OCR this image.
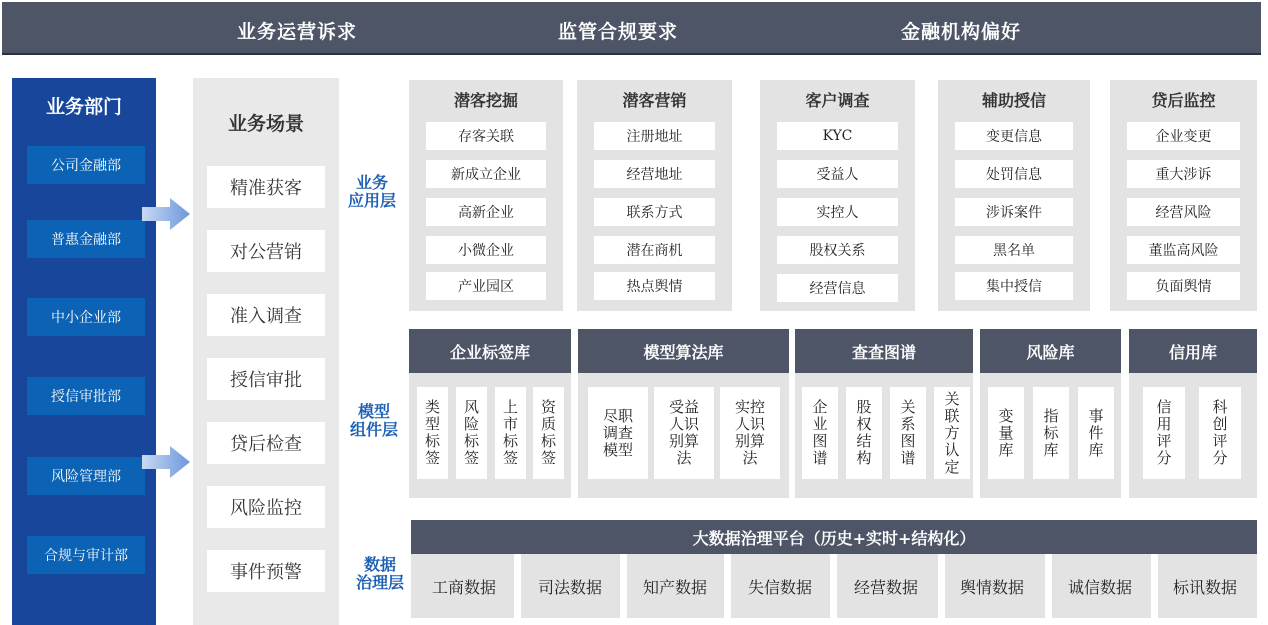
业务运营诉求	监管合规要求	金融机构偏好
业务部门
公司金融部
普惠金融部
中小企业部
授信审批部
风险管理部
合规与审计部
业务场景
精准获客
对公营销
准入调查
授信审批
贷后检查
风险监控
事件预警
业务
应用层
模型
组件层
数据
治理层
潜客挖掘
存客关联
新成立企业
高新企业
小微企业
产业园区
潜客营销
注册地址
经营地址
联系方式
潜在商机
热点舆情
客户调查
KYC
受益人
实控人
股权关系
经营信息
辅助授信
变更信息
处罚信息
涉诉案件
黑名单
集中授信
贷后监控
企业变更
重大涉诉
经营风险
董监高风险
负面舆情
企业标签库
类
型
标
签
风
险
标
签
上
市
标
签
资
质
标
签
模型算法库
尽职
调查
模型
受益
人识
别算
法
实控
人识
别算
法
查查图谱
企
业
图
谱
股
权
结
构
关
系
图
谱
关
联
方
认
定
风险库
变
量
库
指
标
库
事
件
库
信用库
信
用
评
分
科
创
评
分
大数据治理平台（历史+实时+结构化）
工商数据	司法数据	知产数据	失信数据	经营数据	舆情数据	诚信数据	标讯数据
